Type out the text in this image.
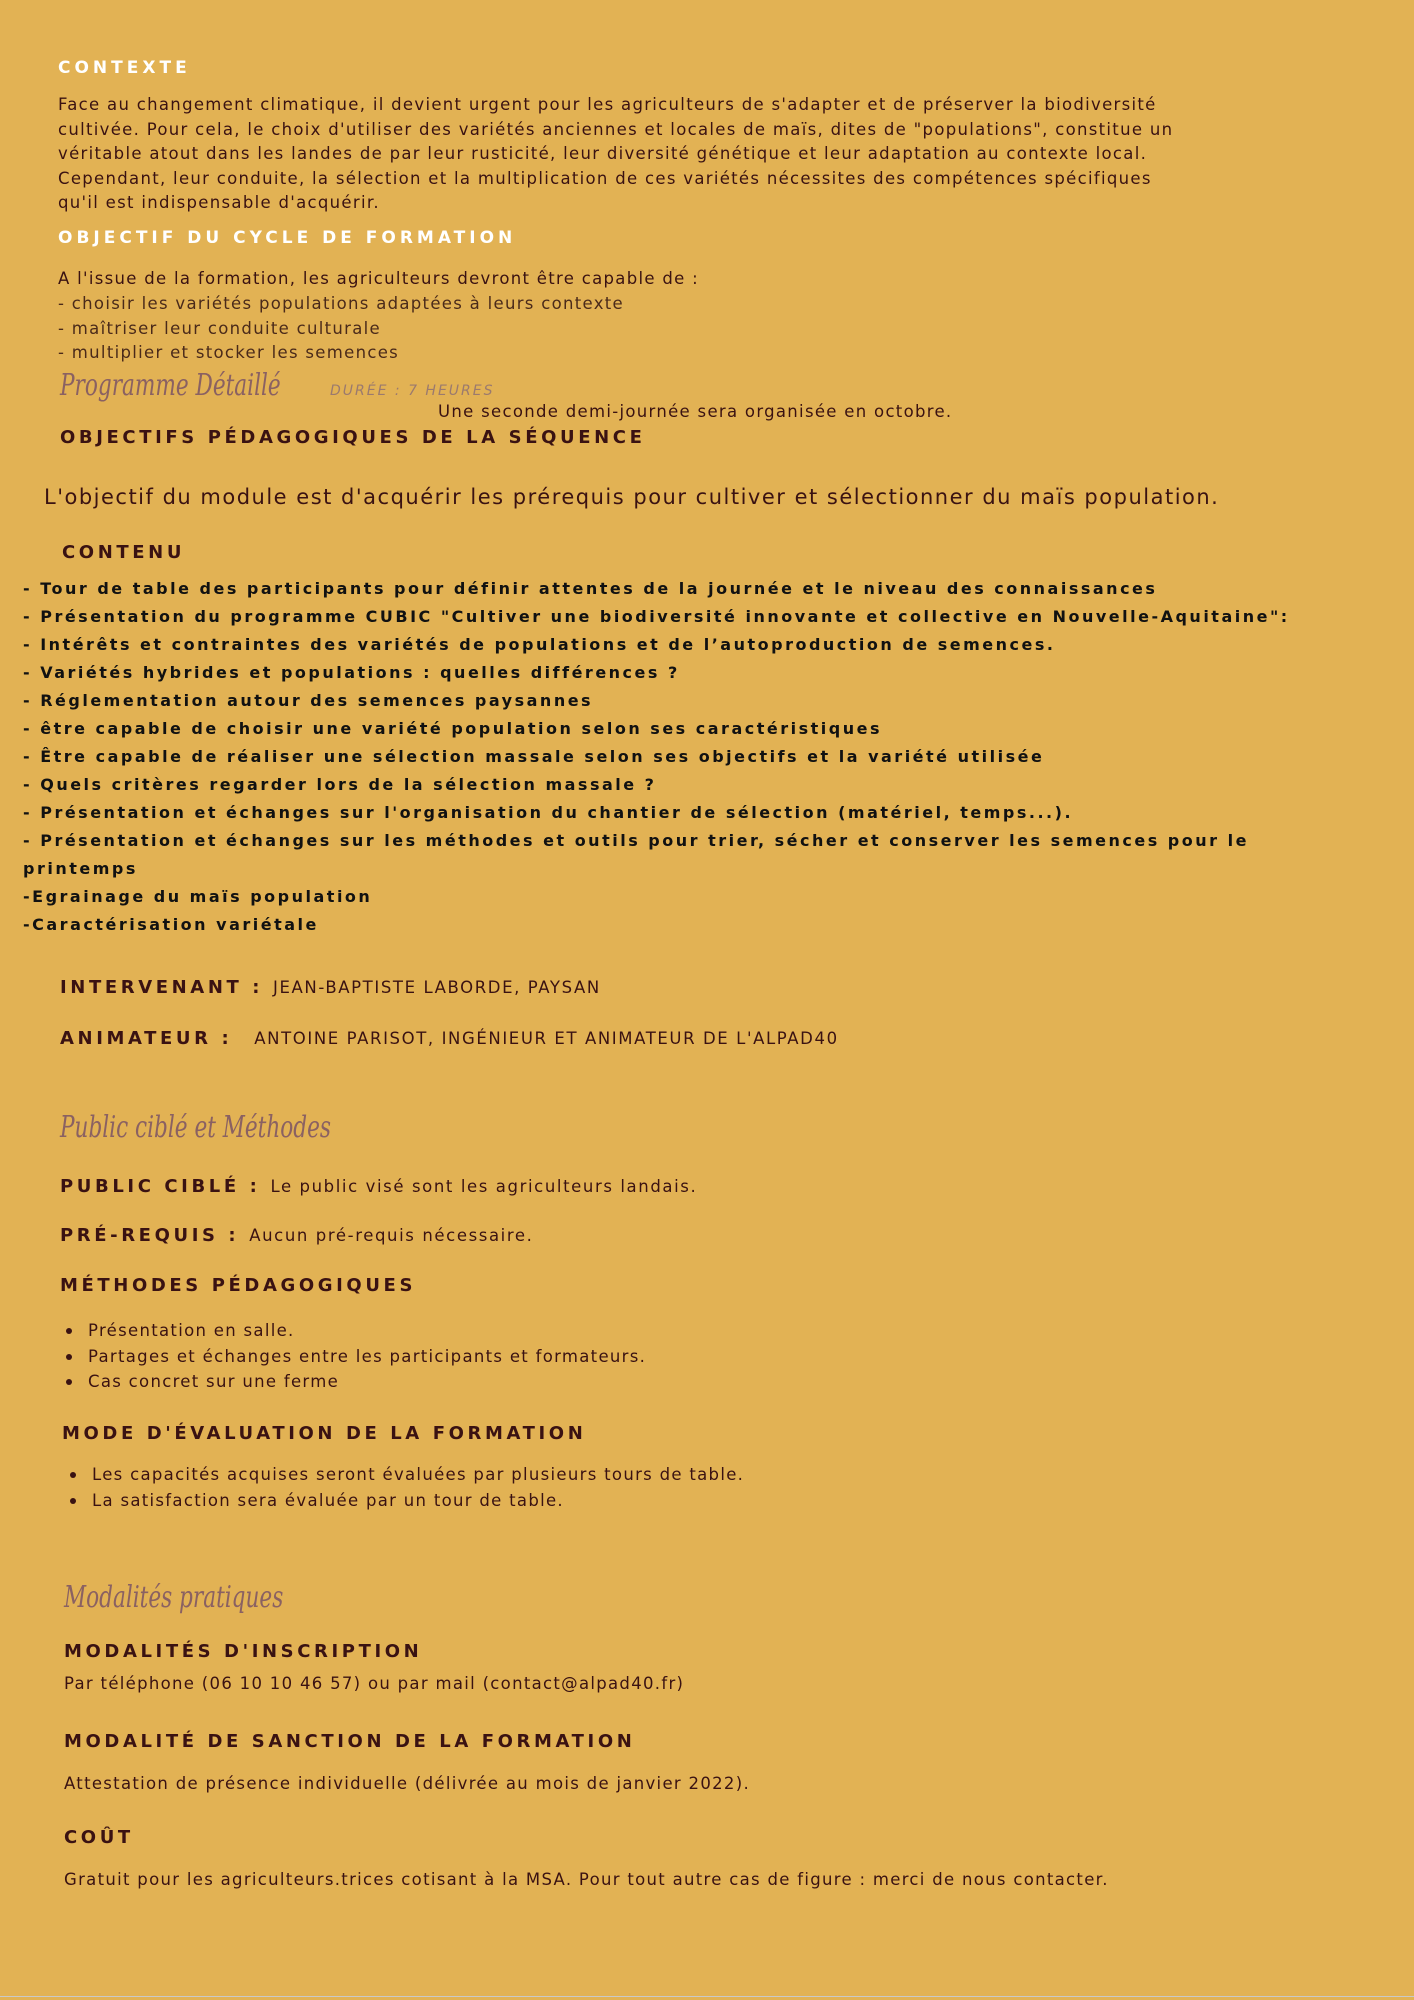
CONTEXTE
Face au changement climatique, il devient urgent pour les agriculteurs de s'adapter et de préserver la biodiversité
cultivée. Pour cela, le choix d'utiliser des variétés anciennes et locales de maïs, dites de "populations", constitue un
véritable atout dans les landes de par leur rusticité, leur diversité génétique et leur adaptation au contexte local.
Cependant, leur conduite, la sélection et la multiplication de ces variétés nécessites des compétences spécifiques
qu'il est indispensable d'acquérir.
OBJECTIF DU CYCLE DE FORMATION
A l'issue de la formation, les agriculteurs devront être capable de :
- choisir les variétés populations adaptées à leurs contexte
- maîtriser leur conduite culturale
- multiplier et stocker les semences
Programme Détaillé	DURÉE : 7 HEURES
Une seconde demi-journée sera organisée en octobre.
OBJECTIFS PÉDAGOGIQUES DE LA SÉQUENCE
L'objectif du module est d'acquérir les prérequis pour cultiver et sélectionner du maïs population.
CONTENU
- Tour de table des participants pour définir attentes de la journée et le niveau des connaissances
- Présentation du programme CUBIC "Cultiver une biodiversité innovante et collective en Nouvelle-Aquitaine":
- Intérêts et contraintes des variétés de populations et de l’autoproduction de semences.
- Variétés hybrides et populations : quelles différences ?
- Réglementation autour des semences paysannes
- être capable de choisir une variété population selon ses caractéristiques
- Être capable de réaliser une sélection massale selon ses objectifs et la variété utilisée
- Quels critères regarder lors de la sélection massale ?
- Présentation et échanges sur l'organisation du chantier de sélection (matériel, temps...).
- Présentation et échanges sur les méthodes et outils pour trier, sécher et conserver les semences pour le
printemps
-Egrainage du maïs population
-Caractérisation variétale
INTERVENANT : JEAN-BAPTISTE LABORDE, PAYSAN
ANIMATEUR : ANTOINE PARISOT, INGÉNIEUR ET ANIMATEUR DE L'ALPAD40
Public ciblé et Méthodes
PUBLIC CIBLÉ : Le public visé sont les agriculteurs landais.
PRÉ-REQUIS : Aucun pré-requis nécessaire.
MÉTHODES PÉDAGOGIQUES
Présentation en salle.
Partages et échanges entre les participants et formateurs.
Cas concret sur une ferme
MODE D'ÉVALUATION DE LA FORMATION
Les capacités acquises seront évaluées par plusieurs tours de table.
La satisfaction sera évaluée par un tour de table.
Modalités pratiques
MODALITÉS D'INSCRIPTION
Par téléphone (06 10 10 46 57) ou par mail (contact@alpad40.fr)
MODALITÉ DE SANCTION DE LA FORMATION
Attestation de présence individuelle (délivrée au mois de janvier 2022).
COÛT
Gratuit pour les agriculteurs.trices cotisant à la MSA. Pour tout autre cas de figure : merci de nous contacter.
